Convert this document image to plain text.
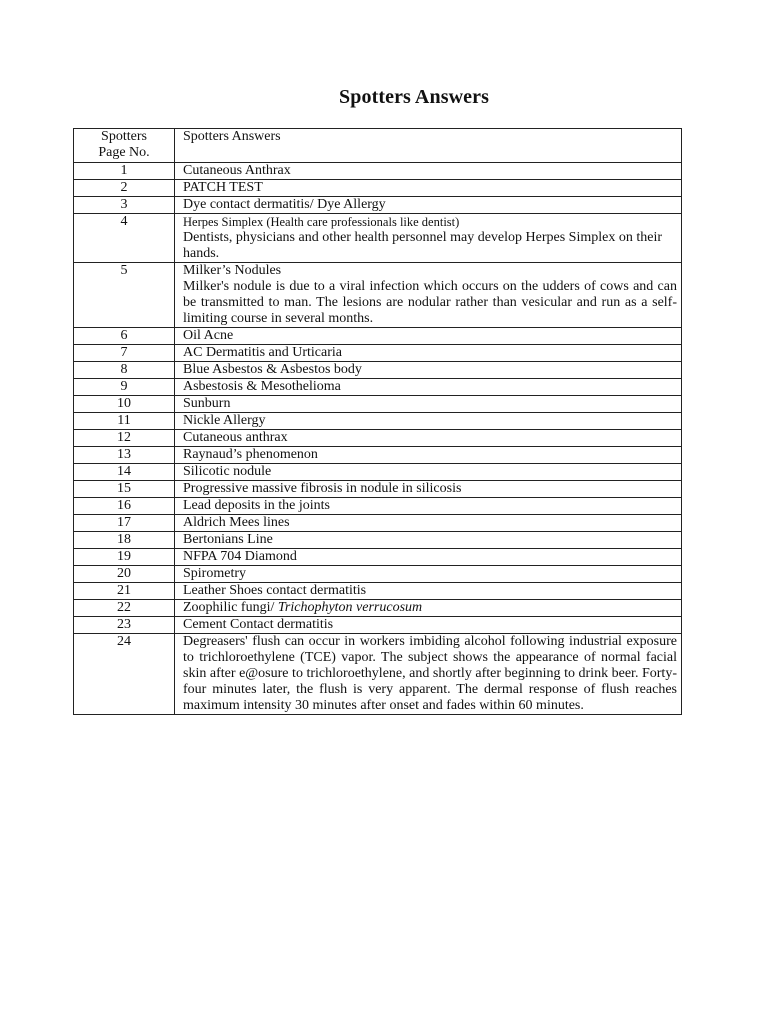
Spotters Answers
Spotters
Page No.	Spotters Answers
1	Cutaneous Anthrax
2	PATCH TEST
3	Dye contact dermatitis/ Dye Allergy
4	Herpes Simplex (Health care professionals like dentist)
Dentists, physicians and other health personnel may develop Herpes Simplex on their hands.

5	Milker’s Nodules
Milker's nodule is due to a viral infection which occurs on the udders of cows and can be transmitted to man. The lesions are nodular rather than vesicular and run as a self-limiting course in several months.

6	Oil Acne
7	AC Dermatitis and Urticaria
8	Blue Asbestos & Asbestos body
9	Asbestosis & Mesothelioma
10	Sunburn
11	Nickle Allergy
12	Cutaneous anthrax
13	Raynaud’s phenomenon
14	Silicotic nodule
15	Progressive massive fibrosis in nodule in silicosis
16	Lead deposits in the joints
17	Aldrich Mees lines
18	Bertonians Line
19	NFPA 704 Diamond
20	Spirometry
21	Leather Shoes contact dermatitis
22	Zoophilic fungi/ Trichophyton verrucosum
23	Cement Contact dermatitis
24	Degreasers' flush can occur in workers imbiding alcohol following industrial exposure to trichloroethylene (TCE) vapor. The subject shows the appearance of normal facial skin after e@osure to trichloroethylene, and shortly after beginning to drink beer. Forty-four minutes later, the flush is very apparent. The dermal response of flush reaches maximum intensity 30 minutes after onset and fades within 60 minutes.
